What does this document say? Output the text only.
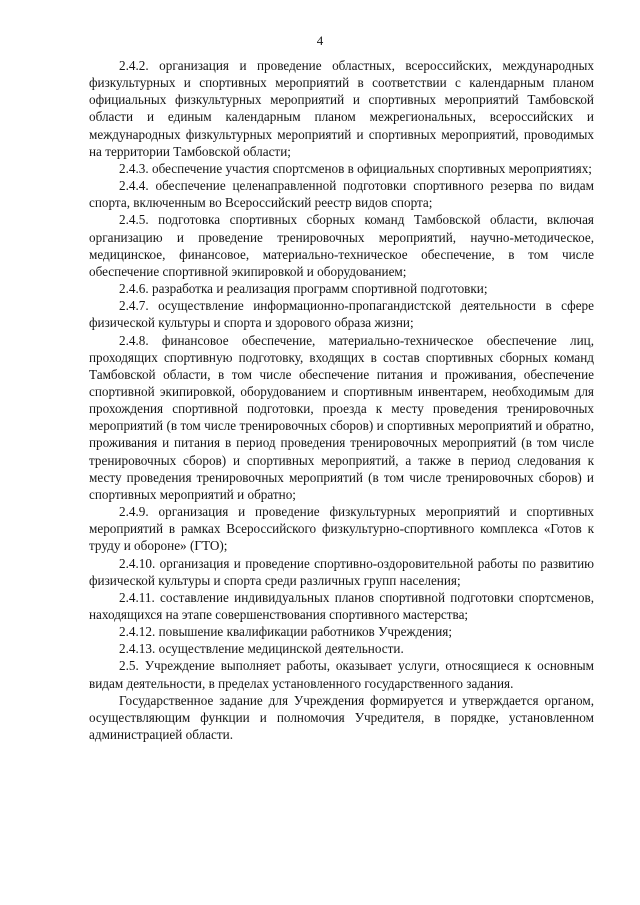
4

2.4.2. организация и проведение областных, всероссийских, международных физкультурных и спортивных мероприятий в соответствии с календарным планом официальных физкультурных мероприятий и спортивных мероприятий Тамбовской области и единым календарным планом межрегиональных, всероссийских и международных физкультурных мероприятий и спортивных мероприятий, проводимых на территории Тамбовской области;

2.4.3. обеспечение участия спортсменов в официальных спортивных мероприятиях;

2.4.4. обеспечение целенаправленной подготовки спортивного резерва по видам спорта, включенным во Всероссийский реестр видов спорта;

2.4.5. подготовка спортивных сборных команд Тамбовской области, включая организацию и проведение тренировочных мероприятий, научно-методическое, медицинское, финансовое, материально-техническое обеспечение, в том числе обеспечение спортивной экипировкой и оборудованием;

2.4.6. разработка и реализация программ спортивной подготовки;

2.4.7. осуществление информационно-пропагандистской деятельности в сфере физической культуры и спорта и здорового образа жизни;

2.4.8. финансовое обеспечение, материально-техническое обеспечение лиц, проходящих спортивную подготовку, входящих в состав спортивных сборных команд Тамбовской области, в том числе обеспечение питания и проживания, обеспечение спортивной экипировкой, оборудованием и спортивным инвентарем, необходимым для прохождения спортивной подготовки, проезда к месту проведения тренировочных мероприятий (в том числе тренировочных сборов) и спортивных мероприятий и обратно, проживания и питания в период проведения тренировочных мероприятий (в том числе тренировочных сборов) и спортивных мероприятий, а также в период следования к месту проведения тренировочных мероприятий (в том числе тренировочных сборов) и спортивных мероприятий и обратно;

2.4.9. организация и проведение физкультурных мероприятий и спортивных мероприятий в рамках Всероссийского физкультурно-спортивного комплекса «Готов к труду и обороне» (ГТО);

2.4.10. организация и проведение спортивно-оздоровительной работы по развитию физической культуры и спорта среди различных групп населения;

2.4.11. составление индивидуальных планов спортивной подготовки спортсменов, находящихся на этапе совершенствования спортивного мастерства;

2.4.12. повышение квалификации работников Учреждения;

2.4.13. осуществление медицинской деятельности.

2.5. Учреждение выполняет работы, оказывает услуги, относящиеся к основным видам деятельности, в пределах установленного государственного задания.

Государственное задание для Учреждения формируется и утверждается органом, осуществляющим функции и полномочия Учредителя, в порядке, установленном администрацией области.
